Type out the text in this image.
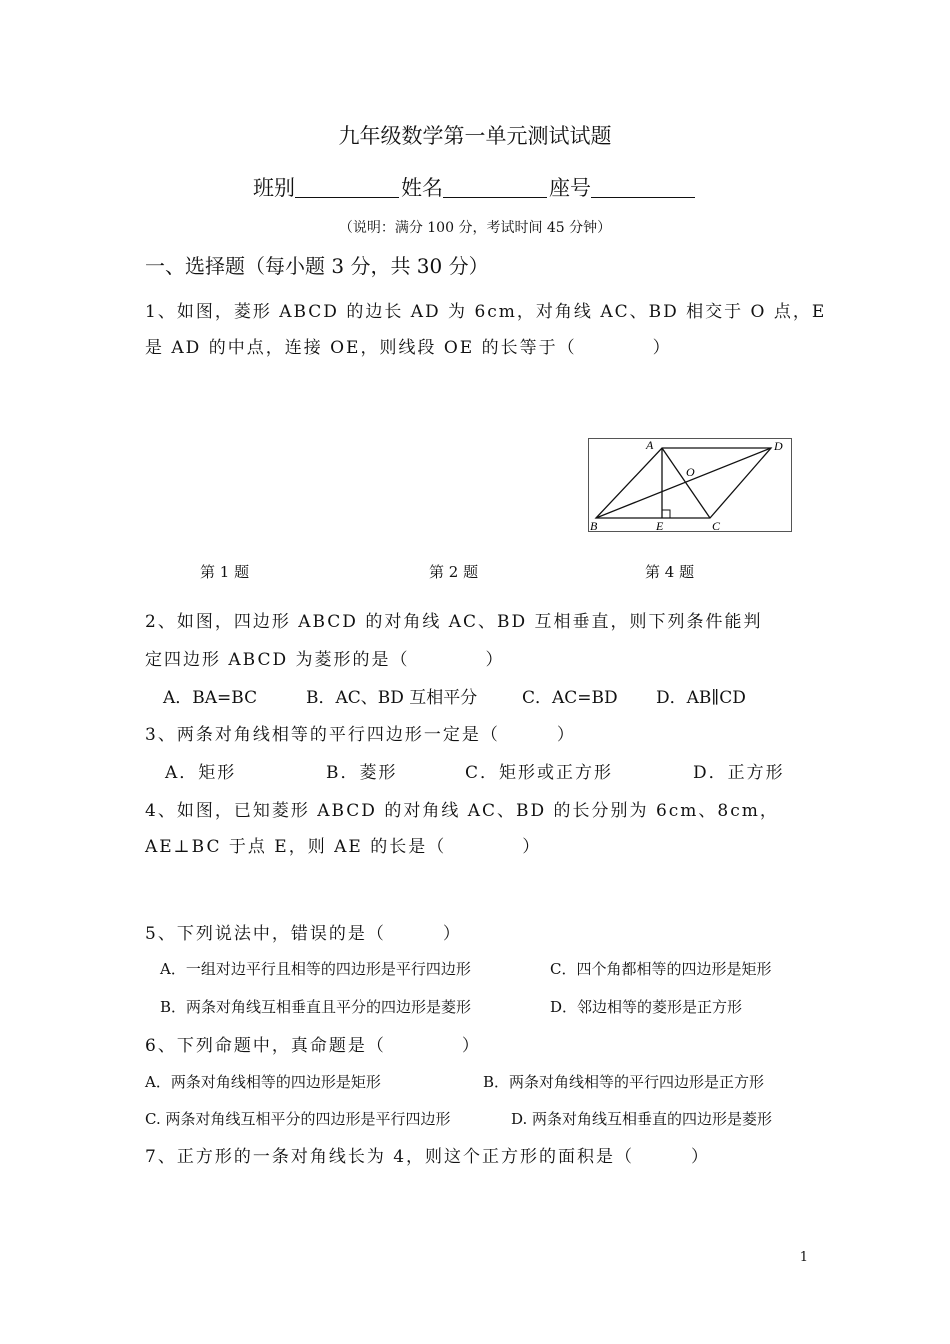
九年级数学第一单元测试试题
班别	姓名	座号
（说明：满分 100 分，考试时间 45 分钟）
一、选择题（每小题 3 分，共 30 分）
1、如图，菱形 ABCD 的边长 AD 为 6cm，对角线 AC、BD 相交于 O 点，E
是 AD 的中点，连接 OE，则线段 OE 的长等于（　　　　）
A	D
O
B	E	C
第 1 题	第 2 题	第 4 题
2、如图，四边形 ABCD 的对角线 AC、BD 互相垂直，则下列条件能判
定四边形 ABCD 为菱形的是（　　　　）
A．BA=BC	B．AC、BD 互相平分	C．AC=BD D．AB∥CD
3、两条对角线相等的平行四边形一定是（　　　）
A．矩形	B．菱形	C．矩形或正方形	D．正方形
4、如图，已知菱形 ABCD 的对角线 AC、BD 的长分别为 6cm、8cm，
AE⊥BC 于点 E，则 AE 的长是（　　　　）
5、下列说法中，错误的是（　　　）
A．一组对边平行且相等的四边形是平行四边形	C．四个角都相等的四边形是矩形
B．两条对角线互相垂直且平分的四边形是菱形	D．邻边相等的菱形是正方形
6、下列命题中，真命题是（　　　　）
A．两条对角线相等的四边形是矩形	B．两条对角线相等的平行四边形是正方形
C. 两条对角线互相平分的四边形是平行四边形	D. 两条对角线互相垂直的四边形是菱形
7、正方形的一条对角线长为 4，则这个正方形的面积是（　　　）
1
